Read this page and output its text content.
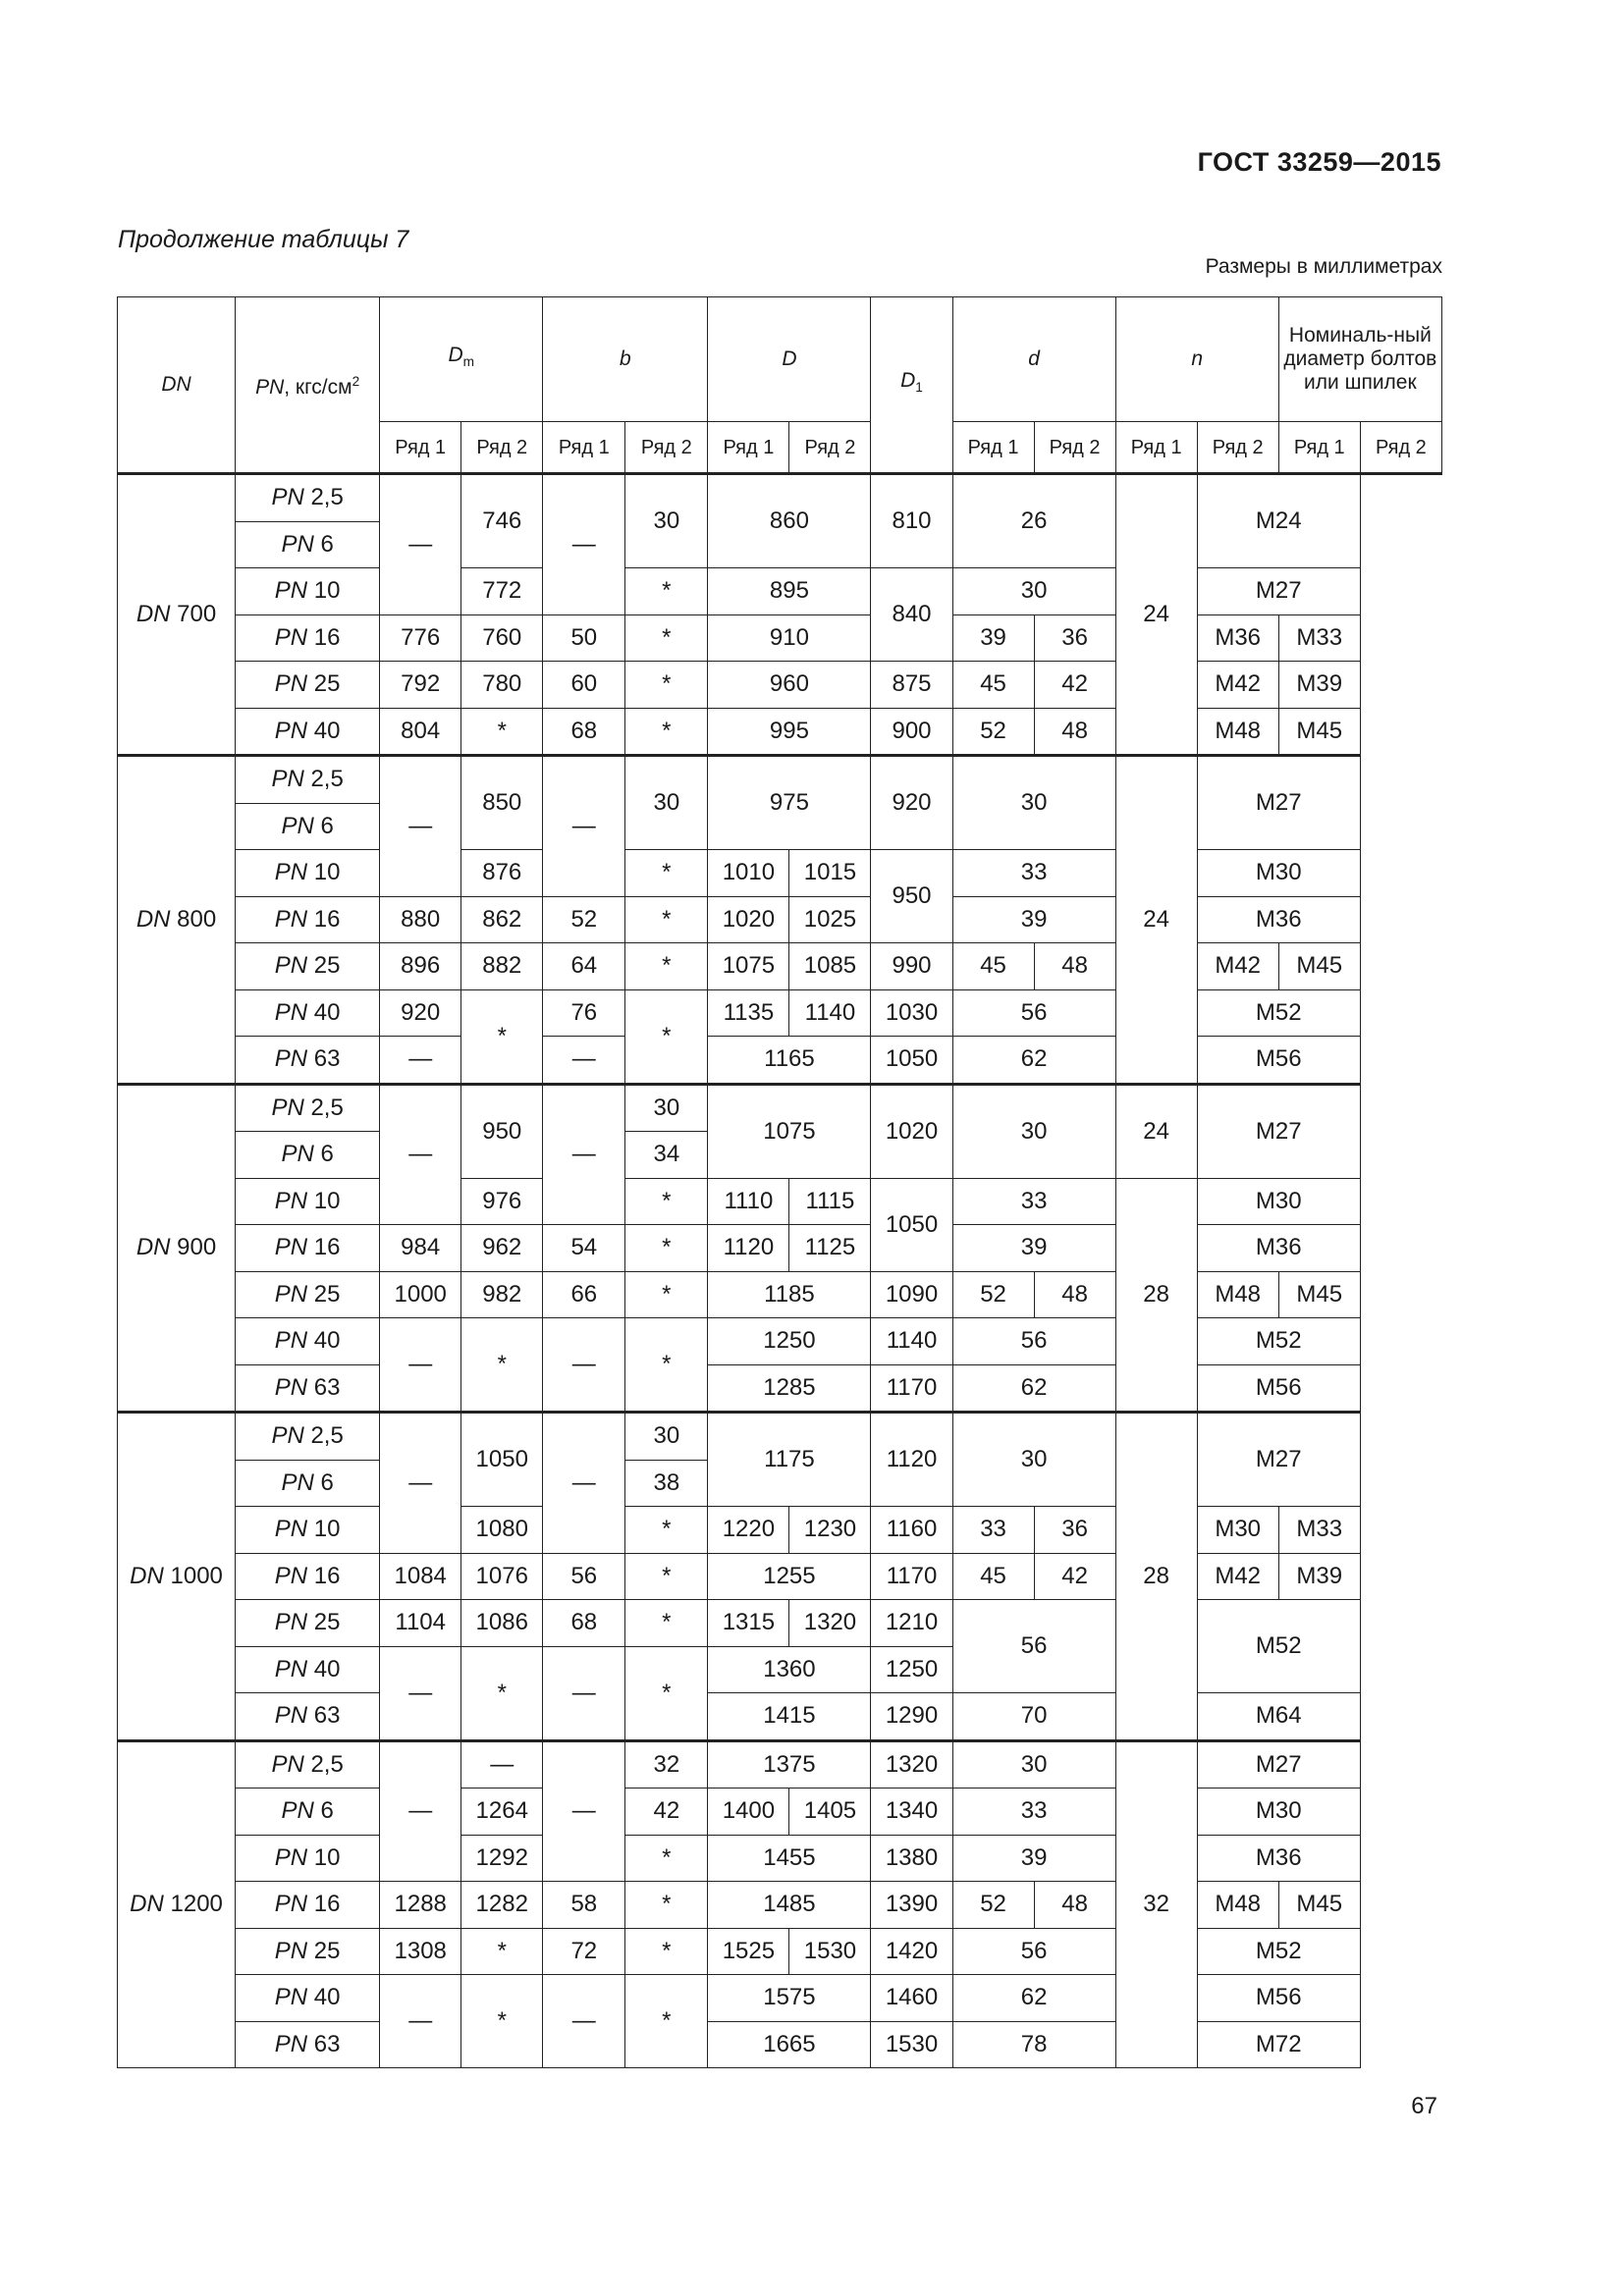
ГОСТ 33259—2015
Продолжение таблицы 7
Размеры в миллиметрах
DN	PN, кгс/$см^2$	$D_m$		b		D		$D_1$	d		n		Номиналь-ный диаметр болтов или шпилек	
		Ряд 1	Ряд 2	Ряд 1	Ряд 2	Ряд 1	Ряд 2		Ряд 1	Ряд 2	Ряд 1	Ряд 2	Ряд 1	Ряд 2
DN 700	PN 2,5	—	746	—	30	860		810	26		24	M24		
	PN 6													
	PN 10		772		*	895		840	30			M27		
	PN 16	776	760	50	*	910			39	36		M36	M33	
	PN 25	792	780	60	*	960		875	45	42		M42	M39	
	PN 40	804	*	68	*	995		900	52	48		M48	M45	
DN 800	PN 2,5	—	850	—	30	975		920	30		24	M27		
	PN 6													
	PN 10		876		*	1010	1015	950	33			M30		
	PN 16	880	862	52	*	1020	1025		39			M36		
	PN 25	896	882	64	*	1075	1085	990	45	48		M42	M45	
	PN 40	920	*	76	*	1135	1140	1030	56			M52		
	PN 63	—		—		1165		1050	62			M56		
DN 900	PN 2,5	—	950	—	30	1075		1020	30		24	M27		
	PN 6				34									
	PN 10		976		*	1110	1115	1050	33		28	M30		
	PN 16	984	962	54	*	1120	1125		39			M36		
	PN 25	1000	982	66	*	1185		1090	52	48		M48	M45	
	PN 40	—	*	—	*	1250		1140	56			M52		
	PN 63					1285		1170	62			M56		
DN 1000	PN 2,5	—	1050	—	30	1175		1120	30		28	M27		
	PN 6				38									
	PN 10		1080		*	1220	1230	1160	33	36		M30	M33	
	PN 16	1084	1076	56	*	1255		1170	45	42		M42	M39	
	PN 25	1104	1086	68	*	1315	1320	1210	56			M52		
	PN 40	—	*	—	*	1360		1250						
	PN 63					1415		1290	70			M64		
DN 1200	PN 2,5	—	—	—	32	1375		1320	30		32	M27		
	PN 6		1264		42	1400	1405	1340	33			M30		
	PN 10		1292		*	1455		1380	39			M36		
	PN 16	1288	1282	58	*	1485		1390	52	48		M48	M45	
	PN 25	1308	*	72	*	1525	1530	1420	56			M52		
	PN 40	—	*	—	*	1575		1460	62			M56		
	PN 63					1665		1530	78			M72		
67
